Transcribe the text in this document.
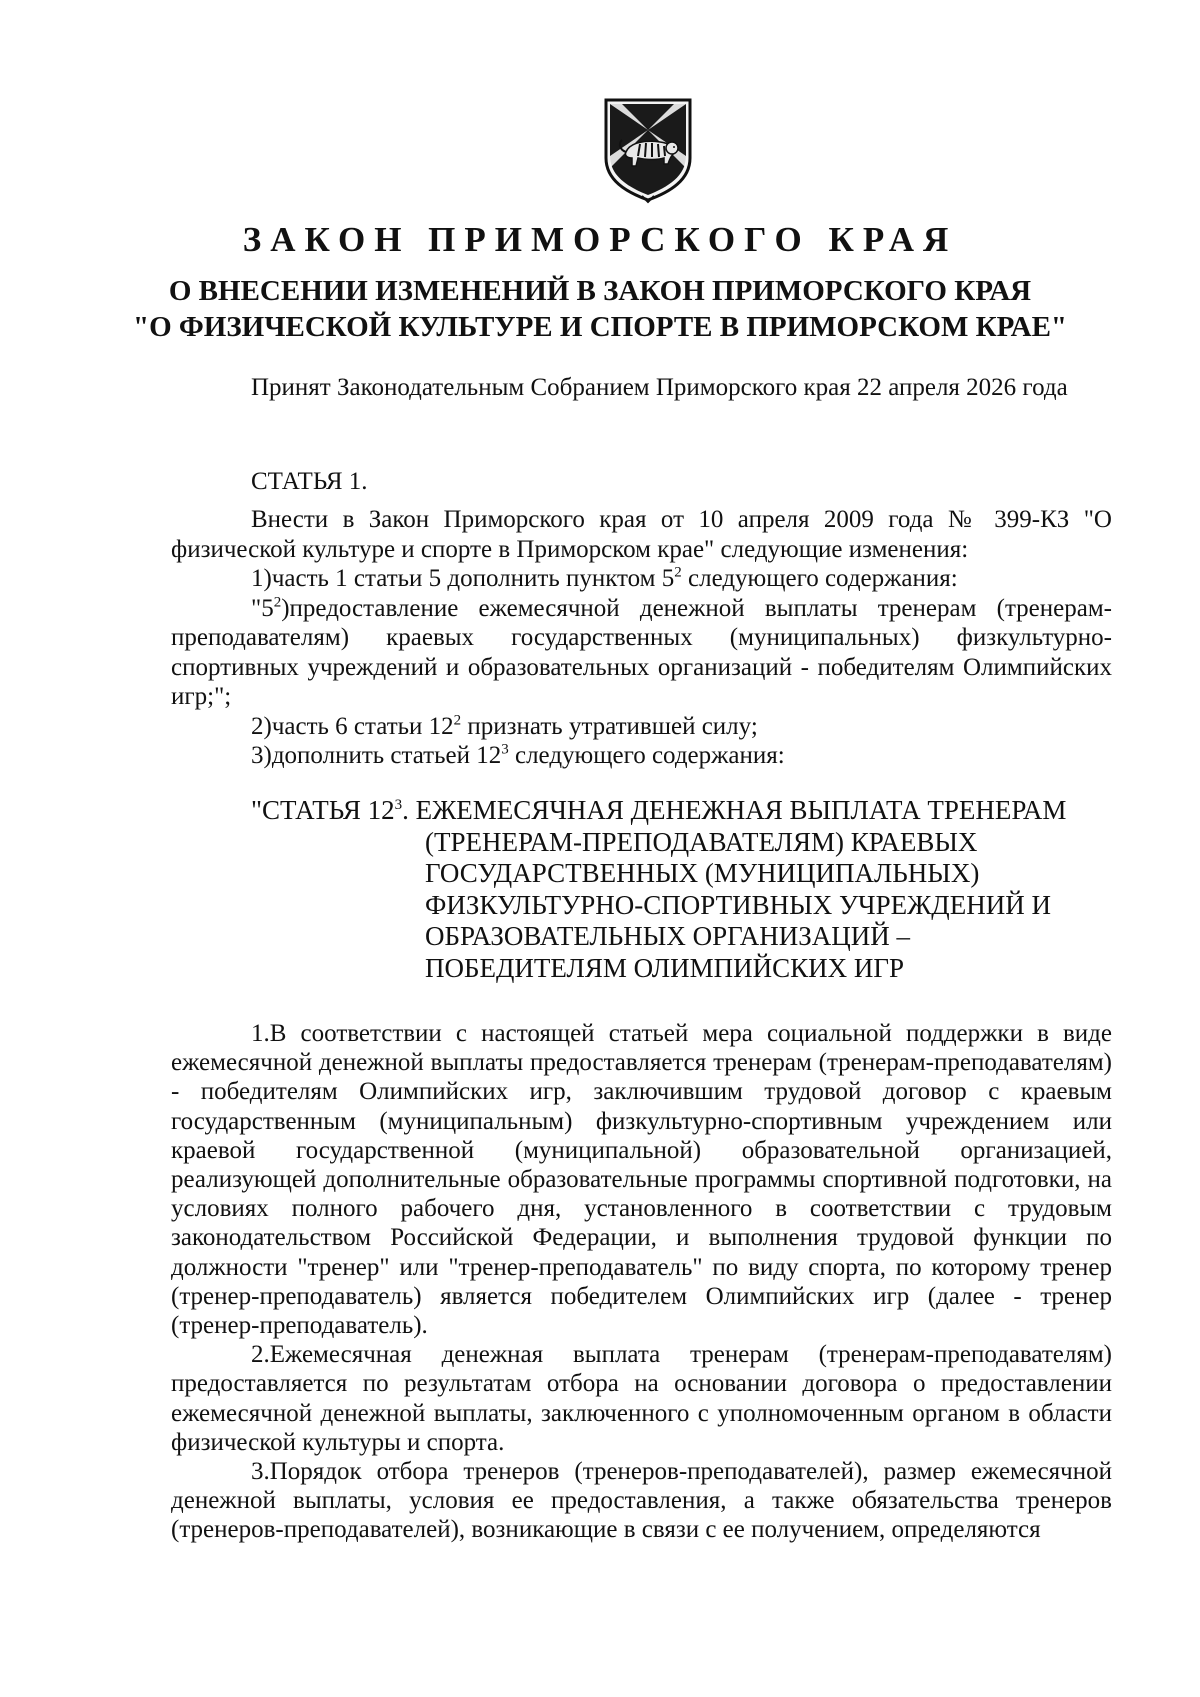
ЗАКОН ПРИМОРСКОГО КРАЯ
О ВНЕСЕНИИ ИЗМЕНЕНИЙ В ЗАКОН ПРИМОРСКОГО КРАЯ
"О ФИЗИЧЕСКОЙ КУЛЬТУРЕ И СПОРТЕ В ПРИМОРСКОМ КРАЕ"
Принят Законодательным Собранием Приморского края 22 апреля 2026 года
СТАТЬЯ 1.

Внести в Закон Приморского края от 10 апреля 2009 года № 399-КЗ "О физической культуре и спорте в Приморском крае" следующие изменения:

1)часть 1 статьи 5 дополнить пунктом $5^2$ следующего содержания:

"$5^2)предоставление$ ежемесячной денежной выплаты тренерам (тренерам-преподавателям) краевых государственных (муниципальных) физкультурно-спортивных учреждений и образовательных организаций - победителям Олимпийских игр;";

2)часть 6 статьи $12^2$ признать утратившей силу;

3)дополнить статьей $12^3$ следующего содержания:

"СТАТЬЯ $12^3$. ЕЖЕМЕСЯЧНАЯ ДЕНЕЖНАЯ ВЫПЛАТА ТРЕНЕРАМ
(ТРЕНЕРАМ-ПРЕПОДАВАТЕЛЯМ) КРАЕВЫХ
ГОСУДАРСТВЕННЫХ (МУНИЦИПАЛЬНЫХ)
ФИЗКУЛЬТУРНО-СПОРТИВНЫХ УЧРЕЖДЕНИЙ И
ОБРАЗОВАТЕЛЬНЫХ ОРГАНИЗАЦИЙ –
ПОБЕДИТЕЛЯМ ОЛИМПИЙСКИХ ИГР

1.В соответствии с настоящей статьей мера социальной поддержки в виде ежемесячной денежной выплаты предоставляется тренерам (тренерам-преподавателям) - победителям Олимпийских игр, заключившим трудовой договор с краевым государственным (муниципальным) физкультурно-спортивным учреждением или краевой государственной (муниципальной) образовательной организацией, реализующей дополнительные образовательные программы спортивной подготовки, на условиях полного рабочего дня, установленного в соответствии с трудовым законодательством Российской Федерации, и выполнения трудовой функции по должности "тренер" или "тренер-преподаватель" по виду спорта, по которому тренер (тренер-преподаватель) является победителем Олимпийских игр (далее - тренер (тренер-преподаватель).

2.Ежемесячная денежная выплата тренерам (тренерам-преподавателям) предоставляется по результатам отбора на основании договора о предоставлении ежемесячной денежной выплаты, заключенного с уполномоченным органом в области физической культуры и спорта.

3.Порядок отбора тренеров (тренеров-преподавателей), размер ежемесячной денежной выплаты, условия ее предоставления, а также обязательства тренеров (тренеров-преподавателей), возникающие в связи с ее получением, определяются
